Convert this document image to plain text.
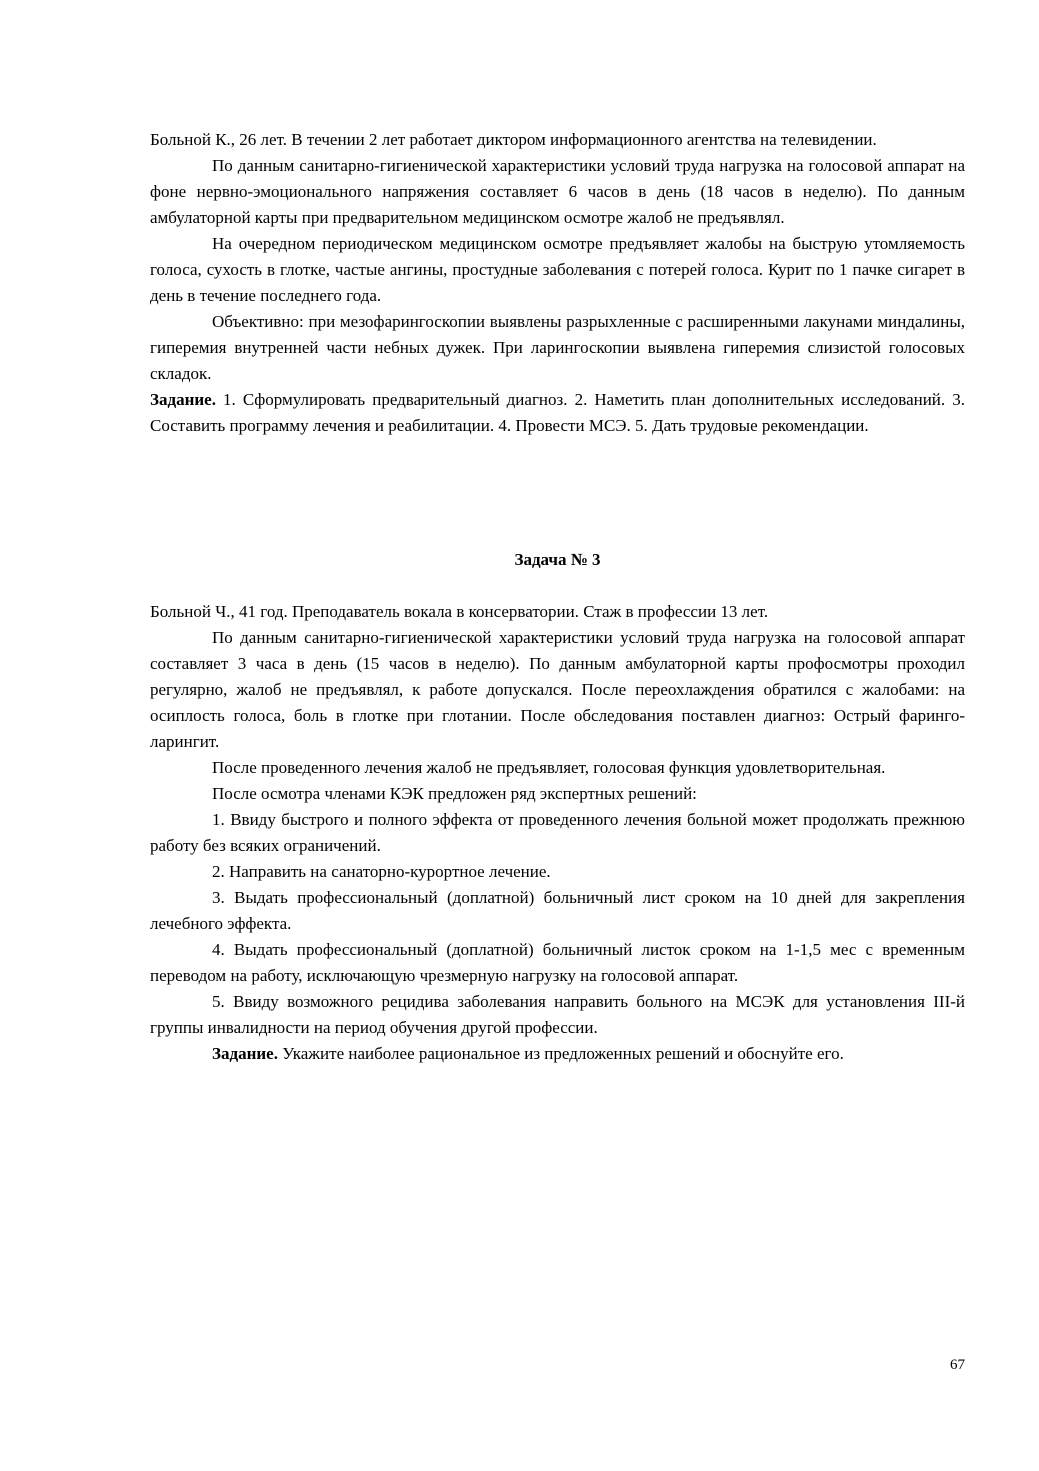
Больной К., 26 лет. В течении 2 лет работает диктором информационного агентства на телевидении.

По данным санитарно-гигиенической характеристики условий труда нагрузка на голосовой аппарат на фоне нервно-эмоционального напряжения составляет 6 часов в день (18 часов в неделю). По данным амбулаторной карты при предварительном медицинском осмотре жалоб не предъявлял.

На очередном периодическом медицинском осмотре предъявляет жалобы на быструю утомляемость голоса, сухость в глотке, частые ангины, простудные заболевания с потерей голоса. Курит по 1 пачке сигарет в день в течение последнего года.

Объективно: при мезофарингоскопии выявлены разрыхленные с расширенными лакунами миндалины, гиперемия внутренней части небных дужек. При ларингоскопии выявлена гиперемия слизистой голосовых складок.

Задание. 1. Сформулировать предварительный диагноз. 2. Наметить план дополнительных исследований. 3. Составить программу лечения и реабилитации. 4. Провести МСЭ. 5. Дать трудовые рекомендации.

Задача № 3

Больной Ч., 41 год. Преподаватель вокала в консерватории. Стаж в профессии 13 лет.

По данным санитарно-гигиенической характеристики условий труда нагрузка на голосовой аппарат составляет 3 часа в день (15 часов в неделю). По данным амбулаторной карты профосмотры проходил регулярно, жалоб не предъявлял, к работе допускался. После переохлаждения обратился с жалобами: на осиплость голоса, боль в глотке при глотании. После обследования поставлен диагноз: Острый фаринго-ларингит.

После проведенного лечения жалоб не предъявляет, голосовая функция удовлетворительная.

После осмотра членами КЭК предложен ряд экспертных решений:

1. Ввиду быстрого и полного эффекта от проведенного лечения больной может продолжать прежнюю работу без всяких ограничений.

2. Направить на санаторно-курортное лечение.

3. Выдать профессиональный (доплатной) больничный лист сроком на 10 дней для закрепления лечебного эффекта.

4. Выдать профессиональный (доплатной) больничный листок сроком на 1-1,5 мес с временным переводом на работу, исключающую чрезмерную нагрузку на голосовой аппарат.

5. Ввиду возможного рецидива заболевания направить больного на МСЭК для установления III-й группы инвалидности на период обучения другой профессии.

Задание. Укажите наиболее рациональное из предложенных решений и обоснуйте его.

67
